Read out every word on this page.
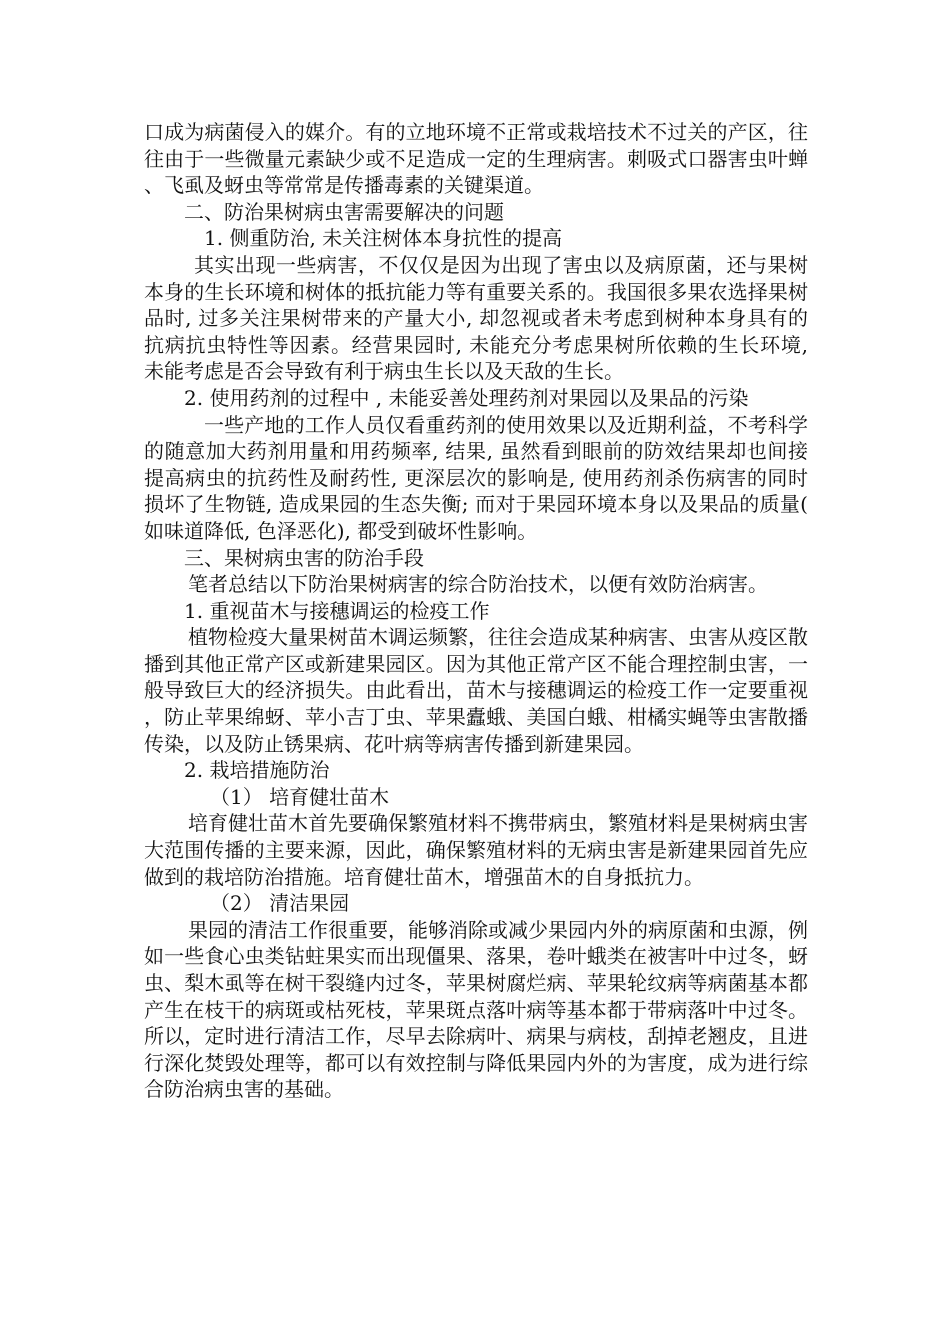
口成为病菌侵入的媒介。有的立地环境不正常或栽培技术不过关的产区，往往由于一些微量元素缺少或不足造成一定的生理病害。刺吸式口器害虫叶蝉、飞虱及蚜虫等常常是传播毒素的关键渠道。

二、防治果树病虫害需要解决的问题

1. 侧重防治, 未关注树体本身抗性的提高

其实出现一些病害，不仅仅是因为出现了害虫以及病原菌，还与果树本身的生长环境和树体的抵抗能力等有重要关系的。我国很多果农选择果树品时, 过多关注果树带来的产量大小, 却忽视或者未考虑到树种本身具有的抗病抗虫特性等因素。经营果园时, 未能充分考虑果树所依赖的生长环境, 未能考虑是否会导致有利于病虫生长以及天敌的生长。

2. 使用药剂的过程中 , 未能妥善处理药剂对果园以及果品的污染

一些产地的工作人员仅看重药剂的使用效果以及近期利益，不考科学的随意加大药剂用量和用药频率, 结果, 虽然看到眼前的防效结果却也间接提高病虫的抗药性及耐药性, 更深层次的影响是, 使用药剂杀伤病害的同时损坏了生物链, 造成果园的生态失衡; 而对于果园环境本身以及果品的质量( 如味道降低, 色泽恶化), 都受到破坏性影响。

三、果树病虫害的防治手段

笔者总结以下防治果树病害的综合防治技术，以便有效防治病害。

1. 重视苗木与接穗调运的检疫工作

植物检疫大量果树苗木调运频繁，往往会造成某种病害、虫害从疫区散播到其他正常产区或新建果园区。因为其他正常产区不能合理控制虫害，一般导致巨大的经济损失。由此看出，苗木与接穗调运的检疫工作一定要重视，防止苹果绵蚜、苹小吉丁虫、苹果蠹蛾、美国白蛾、柑橘实蝇等虫害散播传染，以及防止锈果病、花叶病等病害传播到新建果园。

2. 栽培措施防治

（1） 培育健壮苗木

培育健壮苗木首先要确保繁殖材料不携带病虫，繁殖材料是果树病虫害大范围传播的主要来源，因此，确保繁殖材料的无病虫害是新建果园首先应做到的栽培防治措施。培育健壮苗木，增强苗木的自身抵抗力。

（2） 清洁果园

果园的清洁工作很重要，能够消除或减少果园内外的病原菌和虫源，例如一些食心虫类钻蛀果实而出现僵果、落果，卷叶蛾类在被害叶中过冬，蚜虫、梨木虱等在树干裂缝内过冬，苹果树腐烂病、苹果轮纹病等病菌基本都产生在枝干的病斑或枯死枝，苹果斑点落叶病等基本都于带病落叶中过冬。所以，定时进行清洁工作，尽早去除病叶、病果与病枝，刮掉老翘皮，且进行深化焚毁处理等，都可以有效控制与降低果园内外的为害度，成为进行综合防治病虫害的基础。
